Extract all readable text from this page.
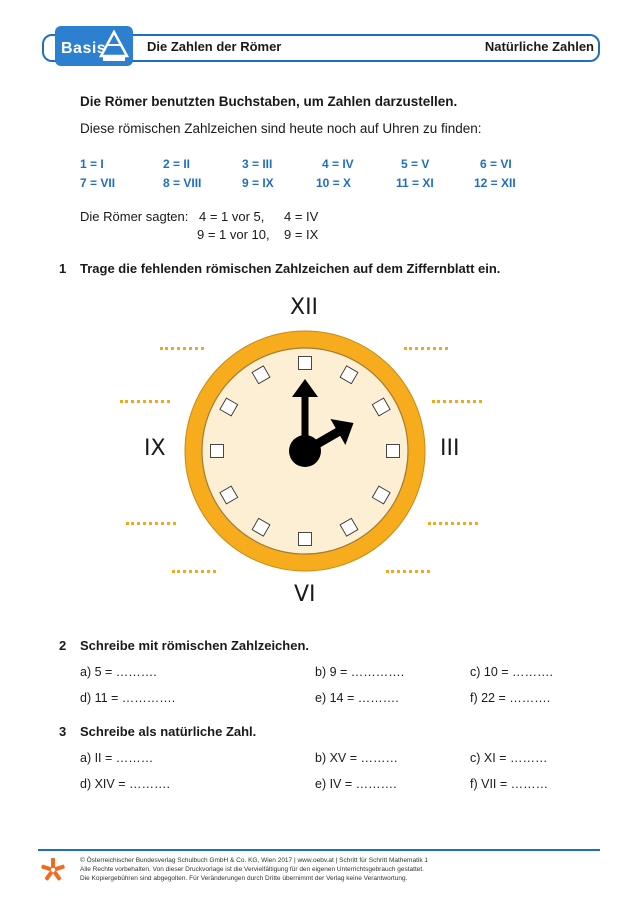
Basis	Die Zahlen der Römer	Natürliche Zahlen
Die Römer benutzten Buchstaben, um Zahlen darzustellen.
Diese römischen Zahlzeichen sind heute noch auf Uhren zu finden:
1 = I	2 = II	3 = III	4 = IV	5 = V	6 = VI
7 = VII	8 = VIII	9 = IX	10 = X	11 = XI	12 = XII
Die Römer sagten: 4 = 1 vor 5, 4 = IV
9 = 1 vor 10, 9 = IX
1 Trage die fehlenden römischen Zahlzeichen auf dem Ziffernblatt ein.
XII
IX	III
VI
2 Schreibe mit römischen Zahlzeichen.
a) 5 = ……….	b) 9 = ………….	c) 10 = ……….
d) 11 = ………….	e) 14 = ……….	f) 22 = ……….
3 Schreibe als natürliche Zahl.
a) II = ………	b) XV = ………	c) XI = ………
d) XIV = ……….	e) IV = ……….	f) VII = ………
© Österreichischer Bundesverlag Schulbuch GmbH & Co. KG, Wien 2017 | www.oebv.at | Schritt für Schritt Mathematik 1
Alle Rechte vorbehalten. Von dieser Druckvorlage ist die Vervielfältigung für den eigenen Unterrichtsgebrauch gestattet.
Die Kopiergebühren sind abgegolten. Für Veränderungen durch Dritte übernimmt der Verlag keine Verantwortung.
